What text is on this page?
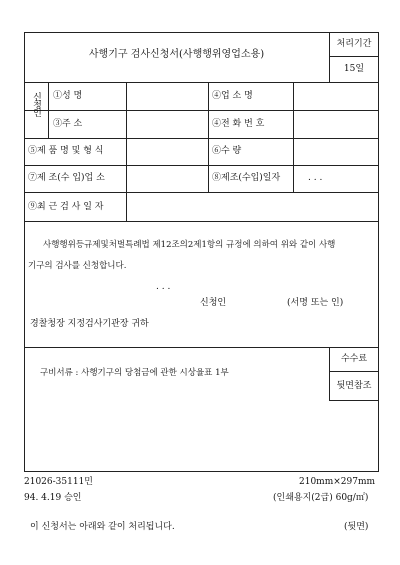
사행기구 검사신청서(사행행위영업소용)
처리기간
15일
신청인 ①성 명	④업 소 명
③주 소	④전 화 번 호
⑤제 품 명 및 형 식	⑥수 량
⑦제 조(수 입)업 소	⑧제조(수입)일자	. . .
⑨최 근 검 사 일 자
사행행위등규제및처벌특례법 제12조의2제1항의 규정에 의하여 위와 같이 사행
기구의 검사를 신청합니다.
. . .
신청인	(서명 또는 인)
경찰청장 지정검사기관장 귀하
구비서류 : 사행기구의 당첨금에 관한 시상율표 1부
수수료
뒷면참조
21026-35111민	210mm×297mm
94. 4.19 승인	(인쇄용지(2급) 60g/㎡)
이 신청서는 아래와 같이 처리됩니다.	(뒷면)
